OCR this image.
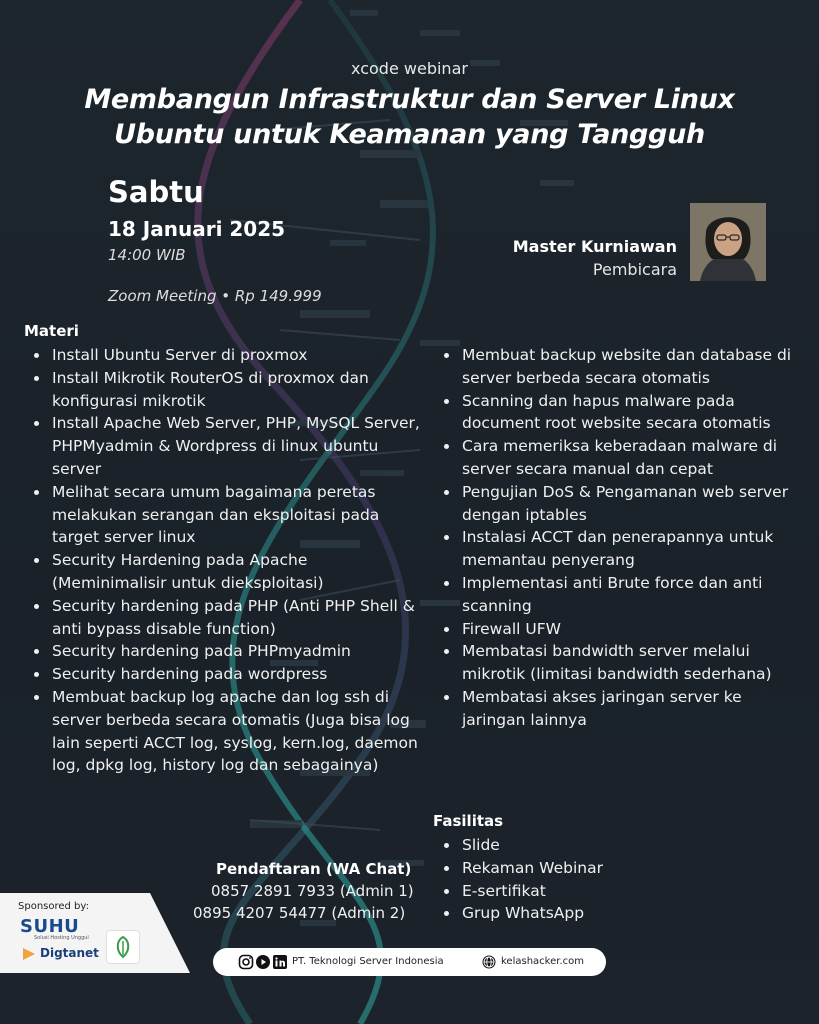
xcode webinar
Membangun Infrastruktur dan Server Linux
Ubuntu untuk Keamanan yang Tangguh
Sabtu
18 Januari 2025
14:00 WIB
Zoom Meeting • Rp 149.999
Master Kurniawan
Pembicara
Materi
Install Ubuntu Server di proxmox
Install Mikrotik RouterOS di proxmox dan konfigurasi mikrotik
Install Apache Web Server, PHP, MySQL Server, PHPMyadmin & Wordpress di linux ubuntu server
Melihat secara umum bagaimana peretas melakukan serangan dan eksploitasi pada target server linux
Security Hardening pada Apache (Meminimalisir untuk dieksploitasi)
Security hardening pada PHP (Anti PHP Shell & anti bypass disable function)
Security hardening pada PHPmyadmin
Security hardening pada wordpress
Membuat backup log apache dan log ssh di server berbeda secara otomatis (Juga bisa log lain seperti ACCT log, syslog, kern.log, daemon log, dpkg log, history log dan sebagainya)
Membuat backup website dan database di server berbeda secara otomatis
Scanning dan hapus malware pada document root website secara otomatis
Cara memeriksa keberadaan malware di server secara manual dan cepat
Pengujian DoS & Pengamanan web server dengan iptables
Instalasi ACCT dan penerapannya untuk memantau penyerang
Implementasi anti Brute force dan anti scanning
Firewall UFW
Membatasi bandwidth server melalui mikrotik (limitasi bandwidth sederhana)
Membatasi akses jaringan server ke jaringan lainnya
Fasilitas
Slide
Rekaman Webinar
E-sertifikat
Grup WhatsApp
Pendaftaran (WA Chat)
0857 2891 7933 (Admin 1)
0895 4207 54477 (Admin 2)
Sponsored by:
SUHU
Solusi Hosting Unggul
Digtanet
PT. Teknologi Server Indonesia	kelashacker.com
